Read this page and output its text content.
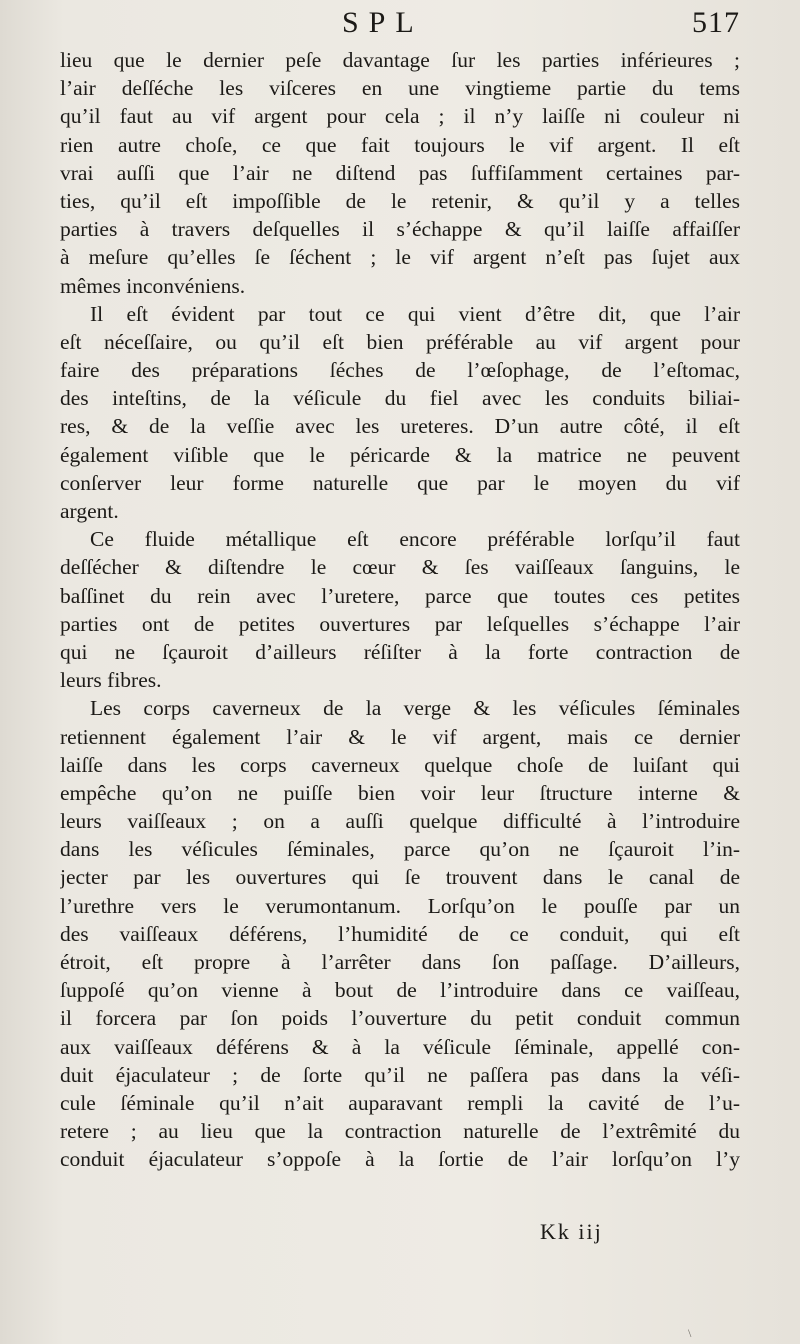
SPL	517
lieu que le dernier peſe davantage ſur les parties inférieures ;
l’air deſſéche les viſceres en une vingtieme partie du tems
qu’il faut au vif argent pour cela ; il n’y laiſſe ni couleur ni
rien autre choſe, ce que fait toujours le vif argent. Il eſt
vrai auſſi que l’air ne diſtend pas ſuffiſamment certaines par-
ties, qu’il eſt impoſſible de le retenir, & qu’il y a telles
parties à travers deſquelles il s’échappe & qu’il laiſſe affaiſſer
à meſure qu’elles ſe ſéchent ; le vif argent n’eſt pas ſujet aux
mêmes inconvéniens.
Il eſt évident par tout ce qui vient d’être dit, que l’air
eſt néceſſaire, ou qu’il eſt bien préférable au vif argent pour
faire des préparations ſéches de l’œſophage, de l’eſtomac,
des inteſtins, de la véſicule du fiel avec les conduits biliai-
res, & de la veſſie avec les ureteres. D’un autre côté, il eſt
également viſible que le péricarde & la matrice ne peuvent
conſerver leur forme naturelle que par le moyen du vif
argent.
Ce fluide métallique eſt encore préférable lorſqu’il faut
deſſécher & diſtendre le cœur & ſes vaiſſeaux ſanguins, le
baſſinet du rein avec l’uretere, parce que toutes ces petites
parties ont de petites ouvertures par leſquelles s’échappe l’air
qui ne ſçauroit d’ailleurs réſiſter à la forte contraction de
leurs fibres.
Les corps caverneux de la verge & les véſicules ſéminales
retiennent également l’air & le vif argent, mais ce dernier
laiſſe dans les corps caverneux quelque choſe de luiſant qui
empêche qu’on ne puiſſe bien voir leur ſtructure interne &
leurs vaiſſeaux ; on a auſſi quelque difficulté à l’introduire
dans les véſicules ſéminales, parce qu’on ne ſçauroit l’in-
jecter par les ouvertures qui ſe trouvent dans le canal de
l’urethre vers le verumontanum. Lorſqu’on le pouſſe par un
des vaiſſeaux déférens, l’humidité de ce conduit, qui eſt
étroit, eſt propre à l’arrêter dans ſon paſſage. D’ailleurs,
ſuppoſé qu’on vienne à bout de l’introduire dans ce vaiſſeau,
il forcera par ſon poids l’ouverture du petit conduit commun
aux vaiſſeaux déférens & à la véſicule ſéminale, appellé con-
duit éjaculateur ; de ſorte qu’il ne paſſera pas dans la véſi-
cule ſéminale qu’il n’ait auparavant rempli la cavité de l’u-
retere ; au lieu que la contraction naturelle de l’extrêmité du
conduit éjaculateur s’oppoſe à la ſortie de l’air lorſqu’on l’y
Kk iij
\
